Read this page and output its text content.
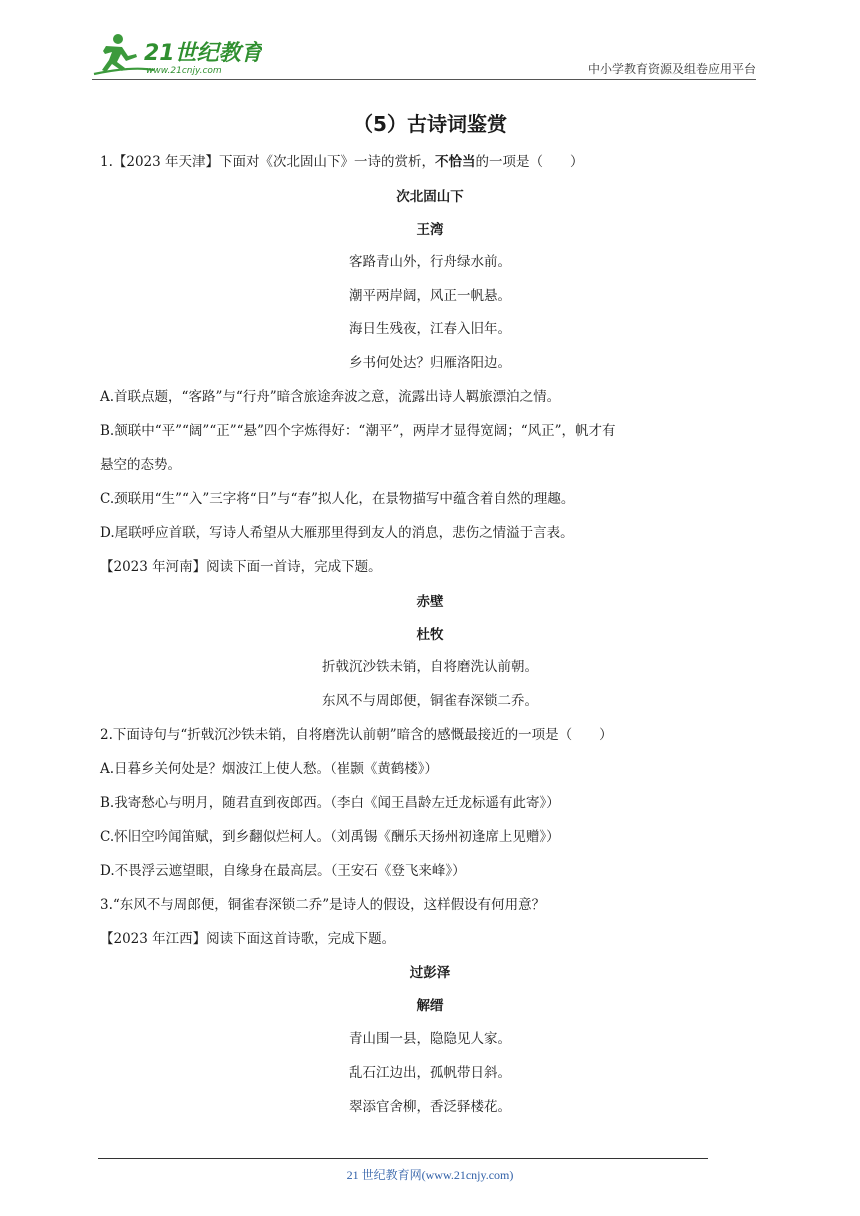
21世纪教育
www.21cnjy.com	中小学教育资源及组卷应用平台
（5）古诗词鉴赏
1.【2023 年天津】下面对《次北固山下》一诗的赏析，不恰当的一项是（　　）
次北固山下
王湾
客路青山外，行舟绿水前。
潮平两岸阔，风正一帆悬。
海日生残夜，江春入旧年。
乡书何处达？归雁洛阳边。
A.首联点题，“客路”与“行舟”暗含旅途奔波之意，流露出诗人羁旅漂泊之情。
B.颔联中“平”“阔”“正”“悬”四个字炼得好：“潮平”，两岸才显得宽阔；“风正”，帆才有
悬空的态势。
C.颈联用“生”“入”三字将“日”与“春”拟人化，在景物描写中蕴含着自然的理趣。
D.尾联呼应首联，写诗人希望从大雁那里得到友人的消息，悲伤之情溢于言表。
【2023 年河南】阅读下面一首诗，完成下题。
赤壁
杜牧
折戟沉沙铁未销，自将磨洗认前朝。
东风不与周郎便，铜雀春深锁二乔。
2.下面诗句与“折戟沉沙铁未销，自将磨洗认前朝”暗含的感慨最接近的一项是（　　）
A.日暮乡关何处是？烟波江上使人愁。（崔颢《黄鹤楼》）
B.我寄愁心与明月，随君直到夜郎西。（李白《闻王昌龄左迁龙标遥有此寄》）
C.怀旧空吟闻笛赋，到乡翻似烂柯人。（刘禹锡《酬乐天扬州初逢席上见赠》）
D.不畏浮云遮望眼，自缘身在最高层。（王安石《登飞来峰》）
3.“东风不与周郎便，铜雀春深锁二乔”是诗人的假设，这样假设有何用意？
【2023 年江西】阅读下面这首诗歌，完成下题。
过彭泽
解缙
青山围一县，隐隐见人家。
乱石江边出，孤帆带日斜。
翠添官舍柳，香泛驿楼花。
21 世纪教育网(www.21cnjy.com)
